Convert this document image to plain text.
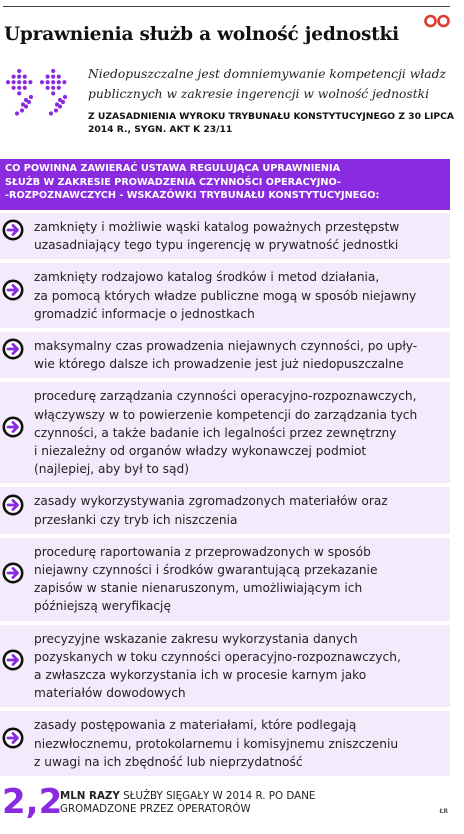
Uprawnienia służb a wolność jednostki
Niedopuszczalne jest domniemywanie kompetencji władz publicznych w zakresie ingerencji w wolność jednostki
Z UZASADNIENIA WYROKU TRYBUNAŁU KONSTYTUCYJNEGO Z 30 LIPCA 2014 R., SYGN. AKT K 23/11
CO POWINNA ZAWIERAĆ USTAWA REGULUJĄCA UPRAWNIENIA
SŁUŻB W ZAKRESIE PROWADZENIA CZYNNOŚCI OPERACYJNO-
-ROZPOZNAWCZYCH - WSKAZÓWKI TRYBUNAŁU KONSTYTUCYJNEGO:
zamknięty i możliwie wąski katalog poważnych przestępstw
uzasadniający tego typu ingerencję w prywatność jednostki
zamknięty rodzajowo katalog środków i metod działania,
za pomocą których władze publiczne mogą w sposób niejawny
gromadzić informacje o jednostkach
maksymalny czas prowadzenia niejawnych czynności, po upły-
wie którego dalsze ich prowadzenie jest już niedopuszczalne
procedurę zarządzania czynności operacyjno-rozpoznawczych,
włączywszy w to powierzenie kompetencji do zarządzania tych
czynności, a także badanie ich legalności przez zewnętrzny
i niezależny od organów władzy wykonawczej podmiot
(najlepiej, aby był to sąd)
zasady wykorzystywania zgromadzonych materiałów oraz
przesłanki czy tryb ich niszczenia
procedurę raportowania z przeprowadzonych w sposób
niejawny czynności i środków gwarantującą przekazanie
zapisów w stanie nienaruszonym, umożliwiającym ich
późniejszą weryfikację
precyzyjne wskazanie zakresu wykorzystania danych
pozyskanych w toku czynności operacyjno-rozpoznawczych,
a zwłaszcza wykorzystania ich w procesie karnym jako
materiałów dowodowych
zasady postępowania z materiałami, które podlegają
niezwłocznemu, protokolarnemu i komisyjnemu zniszczeniu
z uwagi na ich zbędność lub nieprzydatność
2,2
MLN RAZY SŁUŻBY SIĘGAŁY W 2014 R. PO DANE
GROMADZONE PRZEZ OPERATORÓW	ŁR
